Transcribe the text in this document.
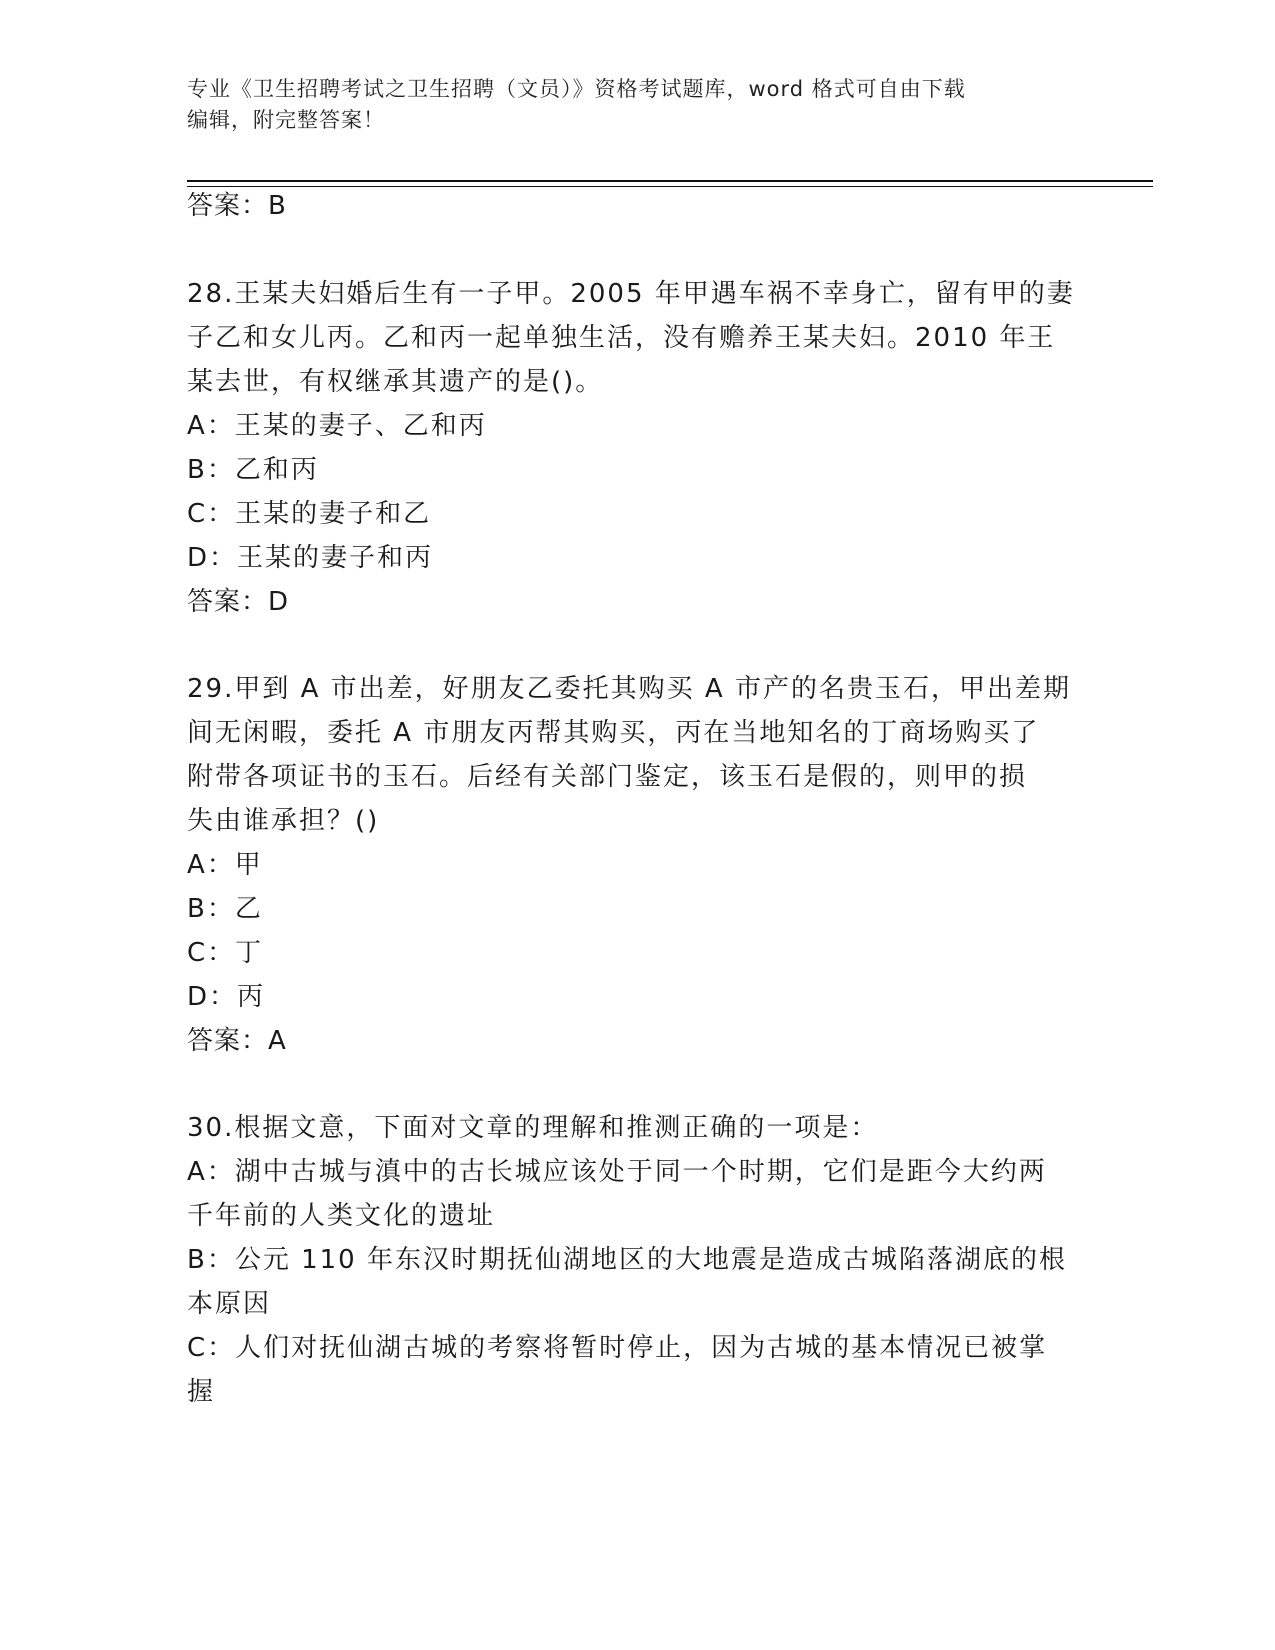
专业《卫生招聘考试之卫生招聘（文员）》资格考试题库，word 格式可自由下载
编辑，附完整答案！
答案：B
28.王某夫妇婚后生有一子甲。2005 年甲遇车祸不幸身亡，留有甲的妻
子乙和女儿丙。乙和丙一起单独生活，没有赡养王某夫妇。2010 年王
某去世，有权继承其遗产的是()。
A：王某的妻子、乙和丙
B：乙和丙
C：王某的妻子和乙
D：王某的妻子和丙
答案：D
29.甲到 A 市出差，好朋友乙委托其购买 A 市产的名贵玉石，甲出差期
间无闲暇，委托 A 市朋友丙帮其购买，丙在当地知名的丁商场购买了
附带各项证书的玉石。后经有关部门鉴定，该玉石是假的，则甲的损
失由谁承担？()
A：甲
B：乙
C：丁
D：丙
答案：A
30.根据文意，下面对文章的理解和推测正确的一项是：
A：湖中古城与滇中的古长城应该处于同一个时期，它们是距今大约两
千年前的人类文化的遗址
B：公元 110 年东汉时期抚仙湖地区的大地震是造成古城陷落湖底的根
本原因
C：人们对抚仙湖古城的考察将暂时停止，因为古城的基本情况已被掌
握
